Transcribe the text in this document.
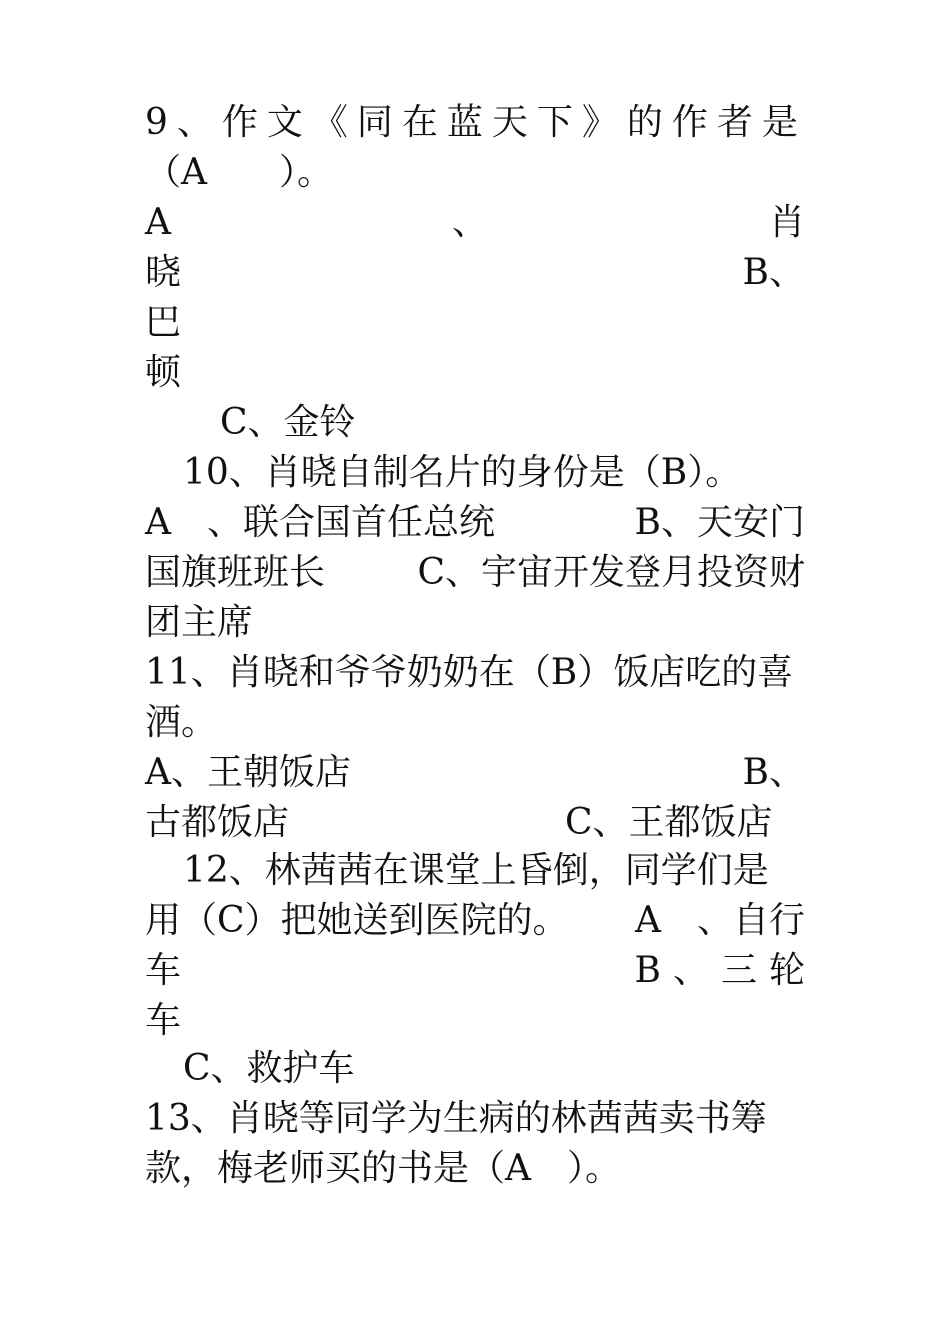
9、作文《同在蓝天下》的作者是
（A　　）。
A	、	肖
晓	B、
巴
顿
C、金铃
10、肖晓自制名片的身份是（B）。
A　、联合国首任总统	B、天安门
国旗班班长	C、宇宙开发登月投资财
团主席
11、肖晓和爷爷奶奶在（B）饭店吃的喜
酒。
A、王朝饭店	B、
古都饭店	C、王都饭店
12、林茜茜在课堂上昏倒，同学们是
用（C）把她送到医院的。 A　、自行
车	B、三轮
车
C、救护车
13、肖晓等同学为生病的林茜茜卖书筹
款，梅老师买的书是（A　）。
